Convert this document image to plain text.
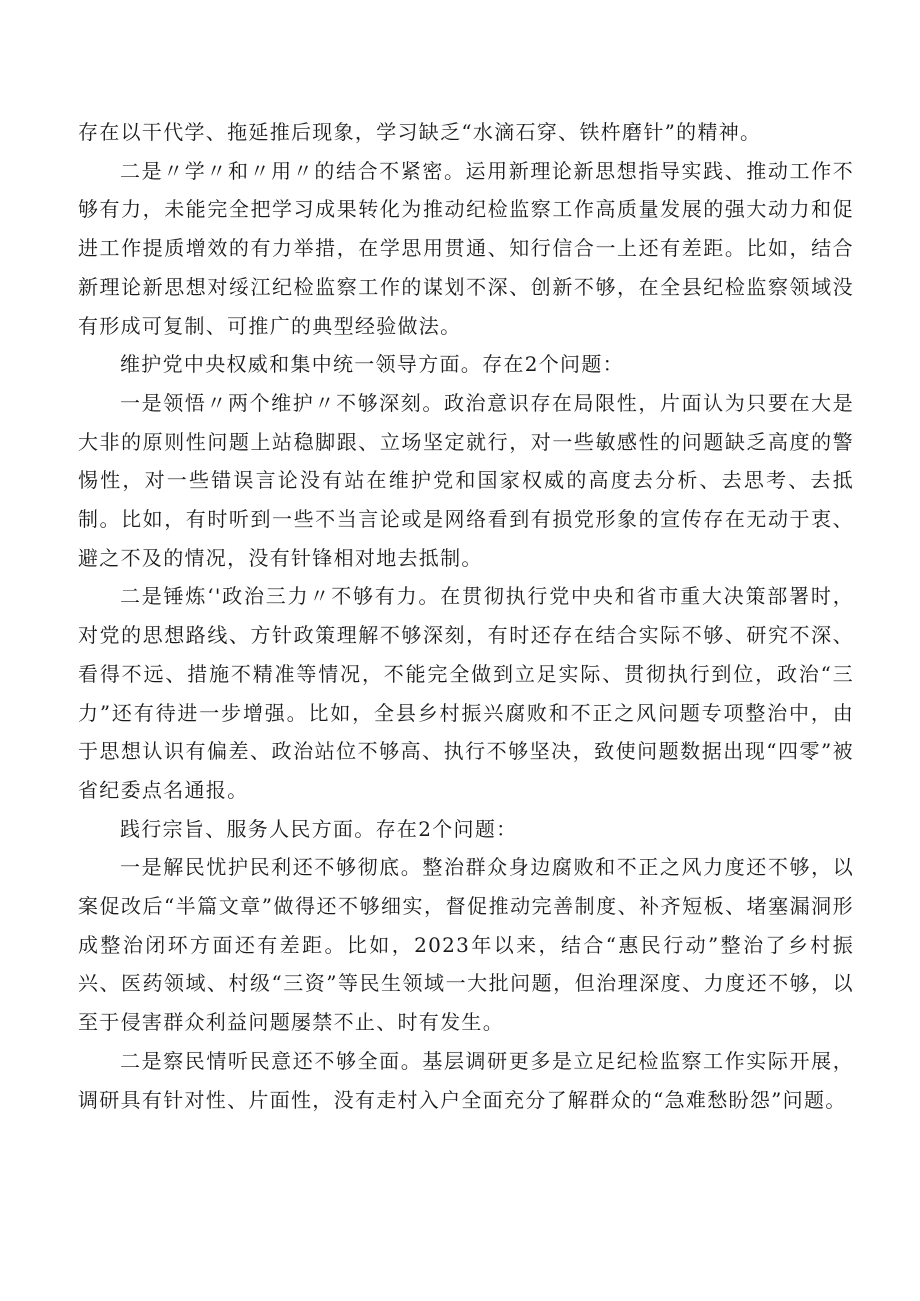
存在以干代学、拖延推后现象，学习缺乏“水滴石穿、铁杵磨针”的精神。

二是〃学〃和〃用〃的结合不紧密。运用新理论新思想指导实践、推动工作不够有力，未能完全把学习成果转化为推动纪检监察工作高质量发展的强大动力和促进工作提质增效的有力举措，在学思用贯通、知行信合一上还有差距。比如，结合新理论新思想对绥江纪检监察工作的谋划不深、创新不够，在全县纪检监察领域没有形成可复制、可推广的典型经验做法。

维护党中央权威和集中统一领导方面。存在2个问题：

一是领悟〃两个维护〃不够深刻。政治意识存在局限性，片面认为只要在大是大非的原则性问题上站稳脚跟、立场坚定就行，对一些敏感性的问题缺乏高度的警惕性，对一些错误言论没有站在维护党和国家权威的高度去分析、去思考、去抵制。比如，有时听到一些不当言论或是网络看到有损党形象的宣传存在无动于衷、避之不及的情况，没有针锋相对地去抵制。

二是锤炼‘'政治三力〃不够有力。在贯彻执行党中央和省市重大决策部署时，对党的思想路线、方针政策理解不够深刻，有时还存在结合实际不够、研究不深、看得不远、措施不精准等情况，不能完全做到立足实际、贯彻执行到位，政治“三力”还有待进一步增强。比如，全县乡村振兴腐败和不正之风问题专项整治中，由于思想认识有偏差、政治站位不够高、执行不够坚决，致使问题数据出现“四零”被省纪委点名通报。

践行宗旨、服务人民方面。存在2个问题：

一是解民忧护民利还不够彻底。整治群众身边腐败和不正之风力度还不够，以案促改后“半篇文章”做得还不够细实，督促推动完善制度、补齐短板、堵塞漏洞形成整治闭环方面还有差距。比如，2023年以来，结合“惠民行动”整治了乡村振兴、医药领域、村级“三资”等民生领域一大批问题，但治理深度、力度还不够，以至于侵害群众利益问题屡禁不止、时有发生。

二是察民情听民意还不够全面。基层调研更多是立足纪检监察工作实际开展，调研具有针对性、片面性，没有走村入户全面充分了解群众的“急难愁盼怨”问题。
